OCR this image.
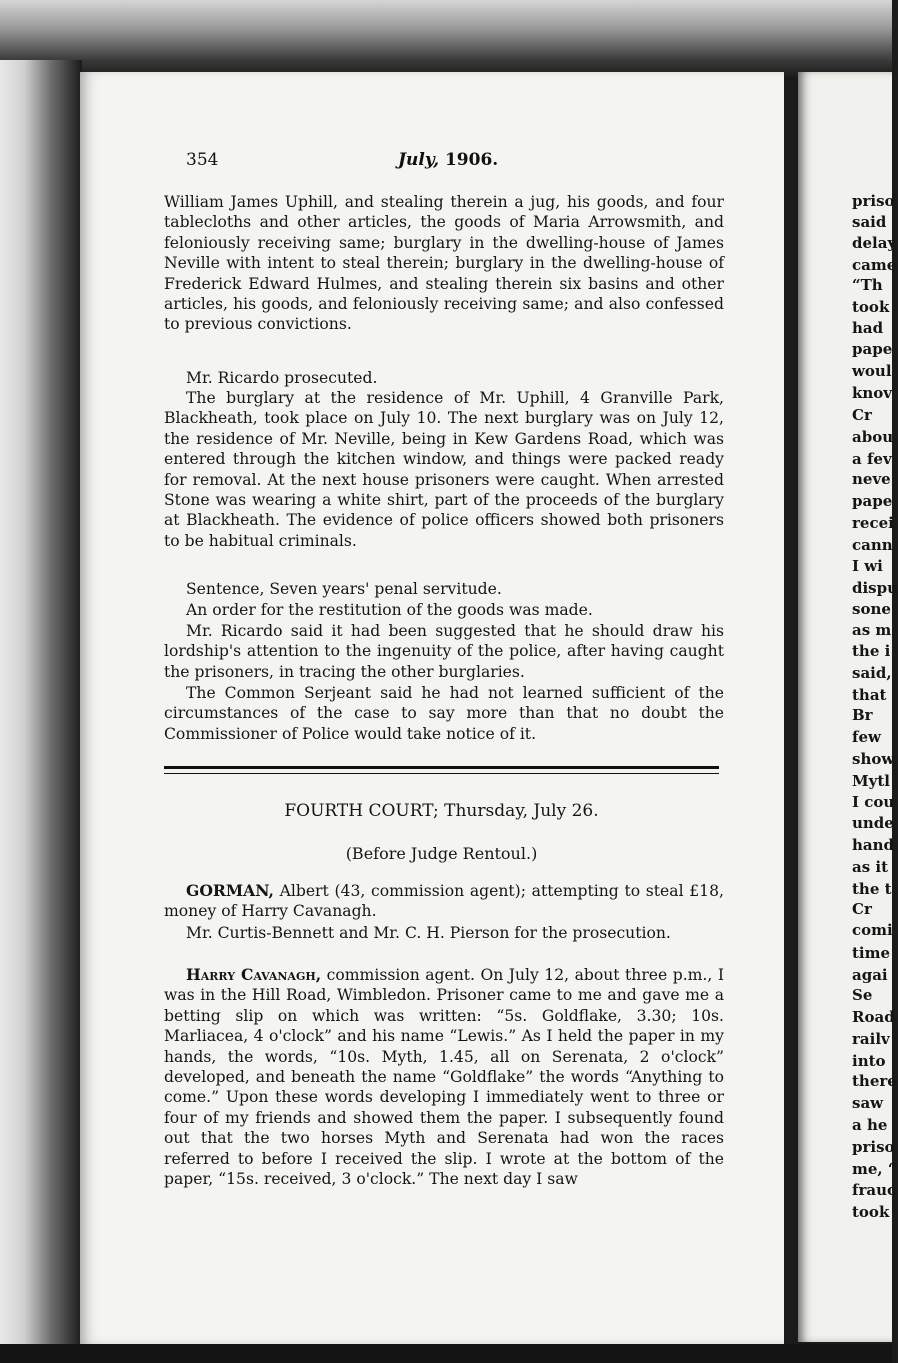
354	July, 1906.

William James Uphill, and stealing therein a jug, his goods, and four tablecloths and other articles, the goods of Maria Arrowsmith, and feloniously receiving same; burglary in the dwelling-house of James Neville with intent to steal therein; burglary in the dwelling-house of Frederick Edward Hulmes, and stealing therein six basins and other articles, his goods, and feloniously receiving same; and also confessed to previous convictions.

Mr. Ricardo prosecuted.

The burglary at the residence of Mr. Uphill, 4 Granville Park, Blackheath, took place on July 10. The next burglary was on July 12, the residence of Mr. Neville, being in Kew Gardens Road, which was entered through the kitchen window, and things were packed ready for removal. At the next house prisoners were caught. When arrested Stone was wearing a white shirt, part of the proceeds of the burglary at Blackheath. The evidence of police officers showed both prisoners to be habitual criminals.

Sentence, Seven years' penal servitude.

An order for the restitution of the goods was made.

Mr. Ricardo said it had been suggested that he should draw his lordship's attention to the ingenuity of the police, after having caught the prisoners, in tracing the other burglaries.

The Common Serjeant said he had not learned sufficient of the circumstances of the case to say more than that no doubt the Commissioner of Police would take notice of it.

FOURTH COURT; Thursday, July 26.
(Before Judge Rentoul.)

GORMAN, Albert (43, commission agent); attempting to steal £18, money of Harry Cavanagh.

Mr. Curtis-Bennett and Mr. C. H. Pierson for the prosecution.

Harry Cavanagh, commission agent. On July 12, about three p.m., I was in the Hill Road, Wimbledon. Prisoner came to me and gave me a betting slip on which was written: “5s. Goldflake, 3.30; 10s. Marliacea, 4 o'clock” and his name “Lewis.” As I held the paper in my hands, the words, “10s. Myth, 1.45, all on Serenata, 2 o'clock” developed, and beneath the name “Goldflake” the words “Anything to come.” Upon these words developing I immediately went to three or four of my friends and showed them the paper. I subsequently found out that the two horses Myth and Serenata had won the races referred to before I received the slip. I wrote at the bottom of the paper, “15s. received, 3 o'clock.” The next day I saw

priso
said
delay
came
“Th
took
had
pape
woul
knov
Cr
abou
a fev
neve
pape
recei
cann
I wi
dispu
sone
as m
the i
said,
that
Br
few
show
Mytl
I cou
unde
hand
as it
the t
Cr
comi
time
agai
Se
Road
railv
into
there
saw
a he
priso
me, “
frauc
took
